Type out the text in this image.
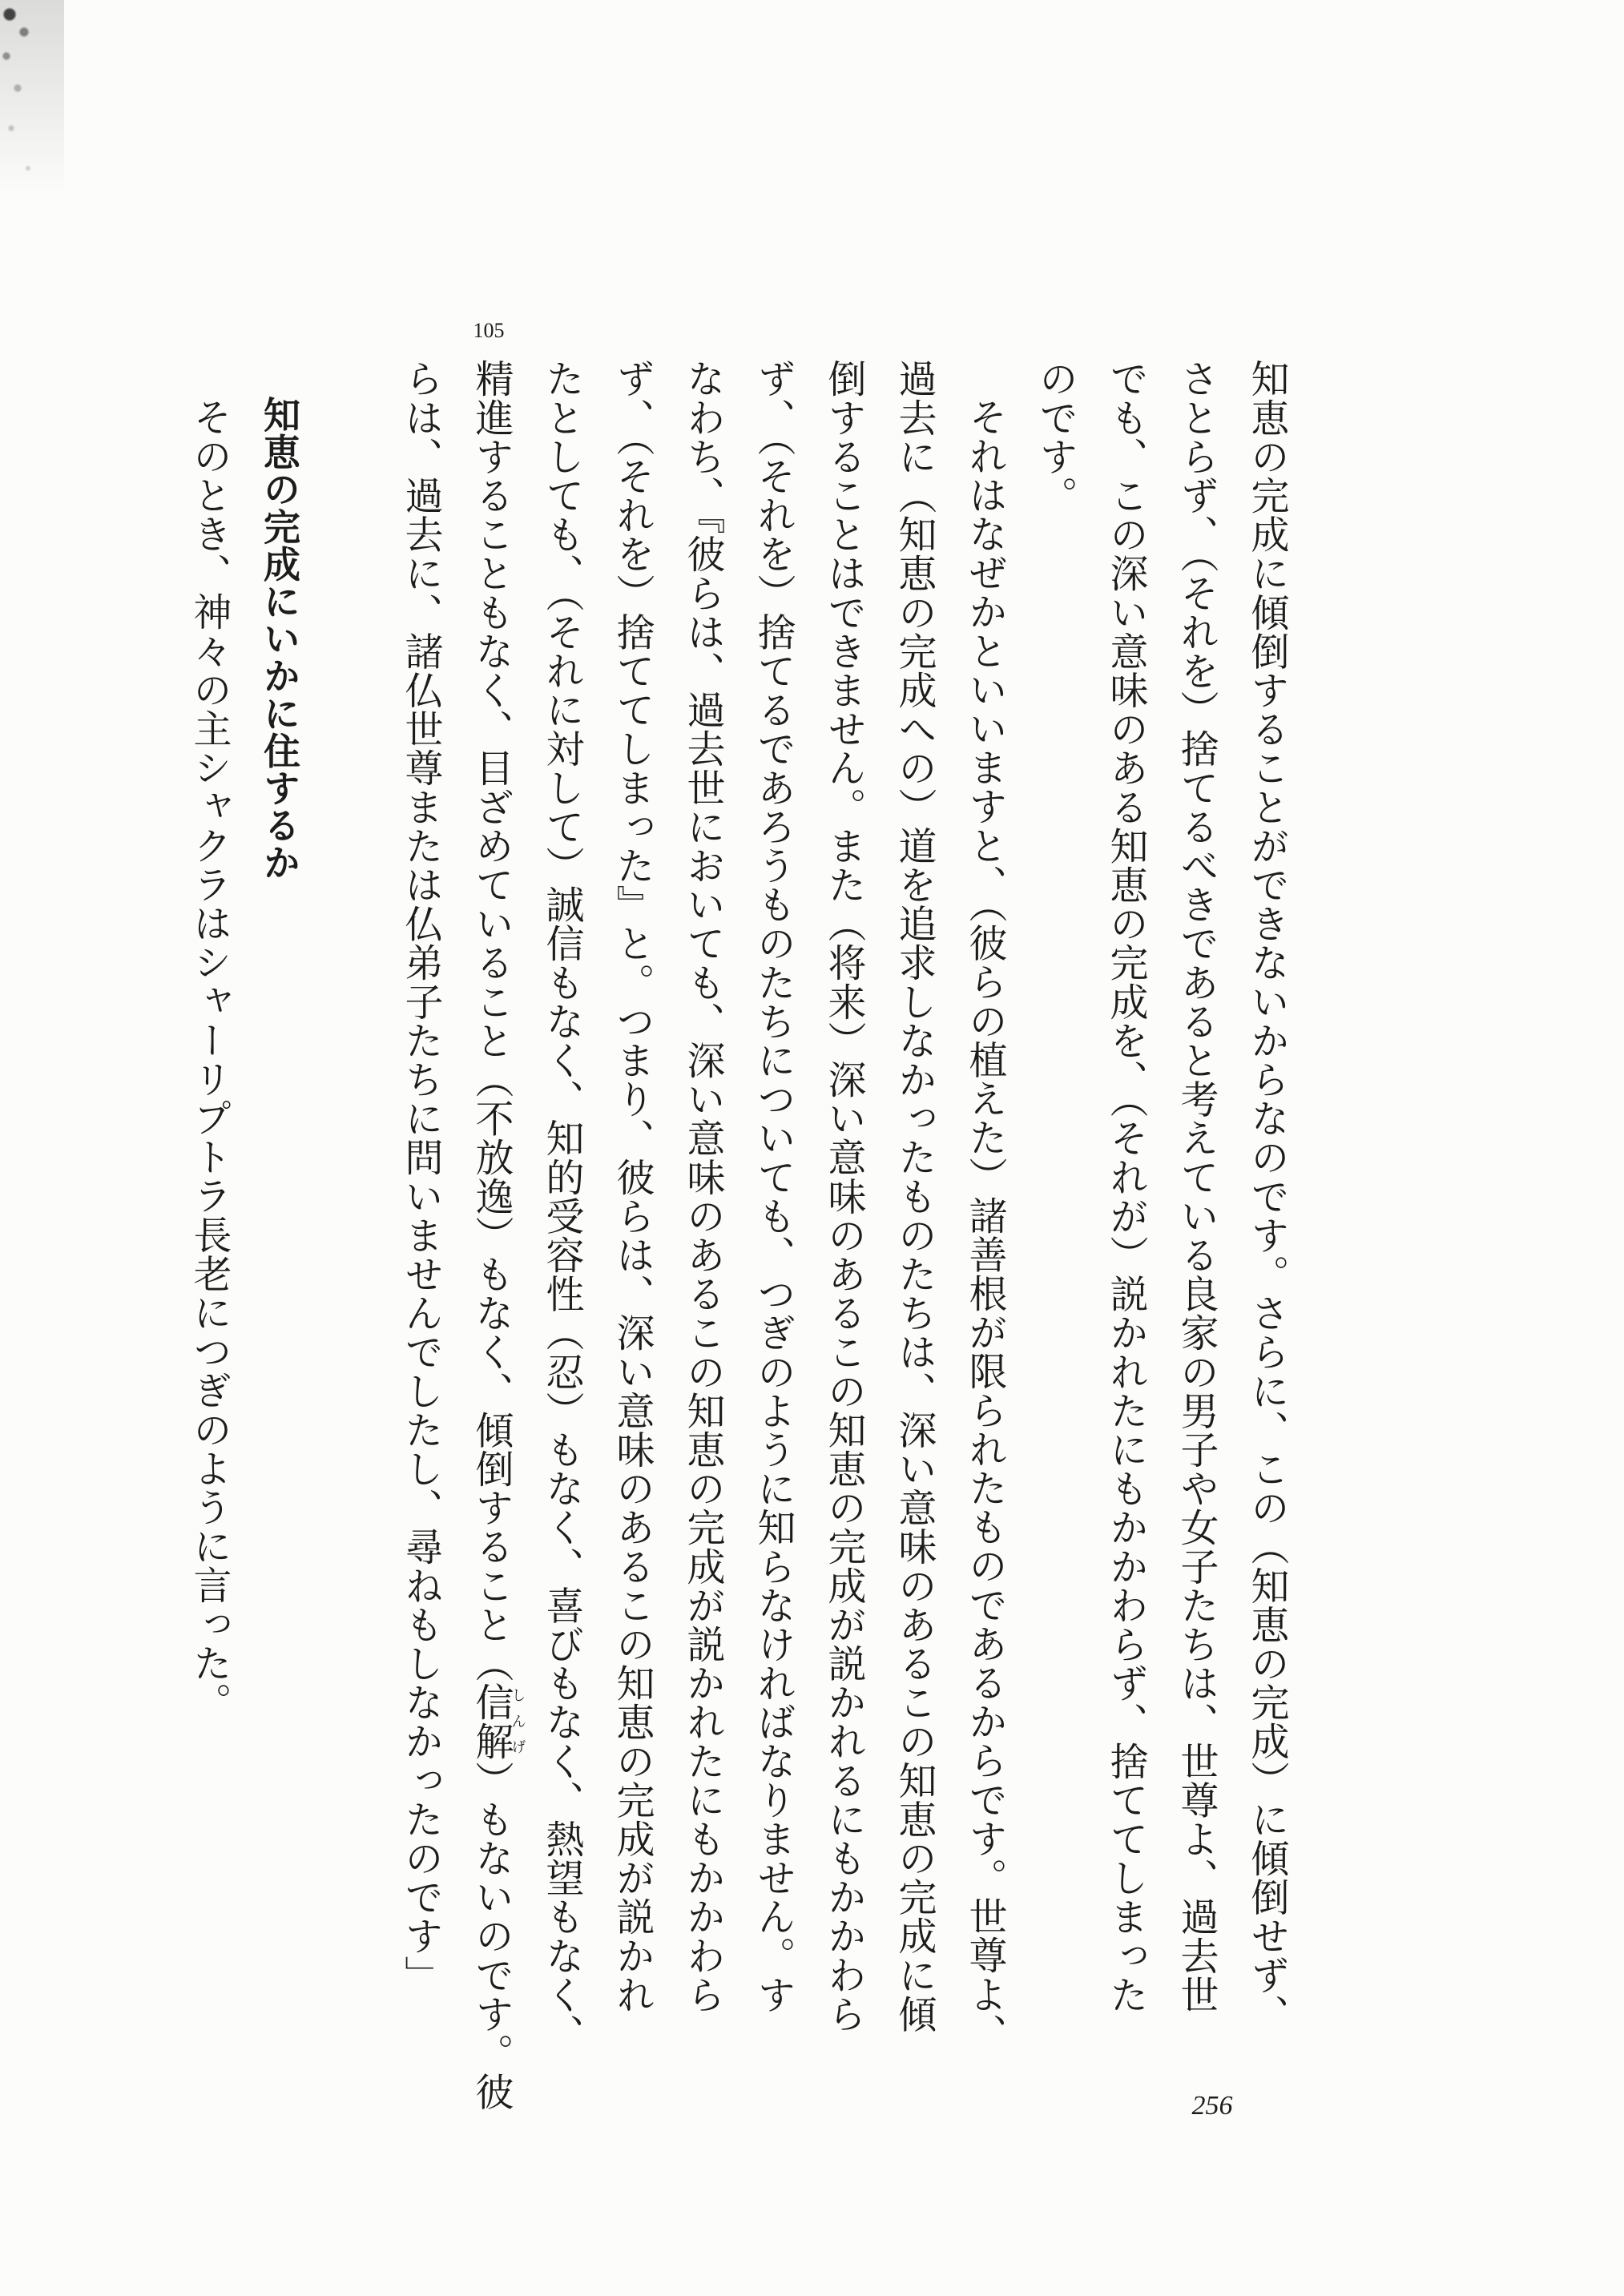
105
知恵の完成に傾倒することができないからなのです。さらに、この（知恵の完成）に傾倒せず、
さとらず、（それを）捨てるべきであると考えている良家の男子や女子たちは、世尊よ、過去世
でも、この深い意味のある知恵の完成を、（それが）説かれたにもかかわらず、捨ててしまった
のです。
それはなぜかといいますと、（彼らの植えた）諸善根が限られたものであるからです。世尊よ、
過去に（知恵の完成への）道を追求しなかったものたちは、深い意味のあるこの知恵の完成に傾
倒することはできません。また（将来）深い意味のあるこの知恵の完成が説かれるにもかかわら
ず、（それを）捨てるであろうものたちについても、つぎのように知らなければなりません。す
なわち、『彼らは、過去世においても、深い意味のあるこの知恵の完成が説かれたにもかかわら
ず、（それを）捨ててしまった』と。つまり、彼らは、深い意味のあるこの知恵の完成が説かれ
たとしても、（それに対して）誠信もなく、知的受容性（忍）もなく、喜びもなく、熱望もなく、
精進することもなく、目ざめていること（不放逸）もなく、傾倒すること（信解しんげ）もないのです。彼
らは、過去に、諸仏世尊または仏弟子たちに問いませんでしたし、尋ねもしなかったのです」
知恵の完成にいかに住するか
そのとき、神々の主シャクラはシャーリプトラ長老につぎのように言った。
256
